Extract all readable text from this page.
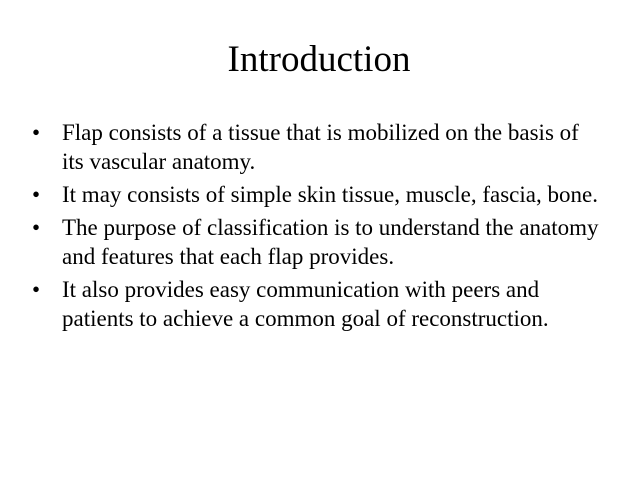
Introduction
• Flap consists of a tissue that is mobilized on the basis of its vascular anatomy.
• It may consists of simple skin tissue, muscle, fascia, bone.
• The purpose of classification is to understand the anatomy and features that each flap provides.
• It also provides easy communication with peers and patients to achieve a common goal of reconstruction.
